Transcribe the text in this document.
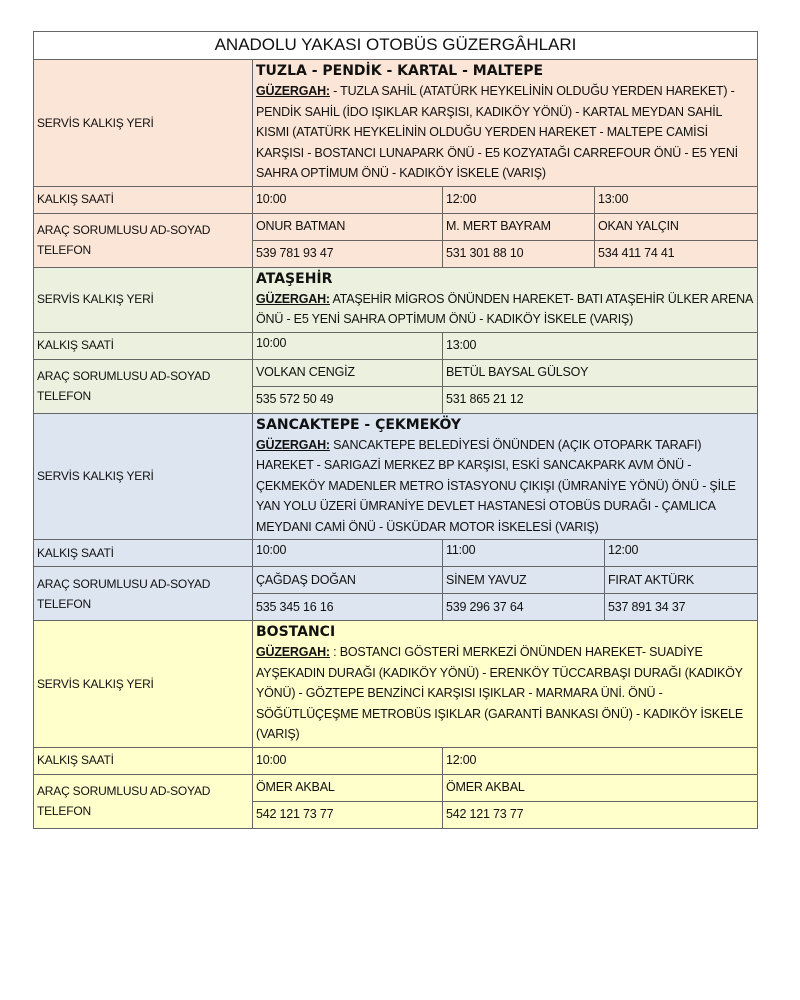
ANADOLU YAKASI OTOBÜS GÜZERGÂHLARI
SERVİS KALKIŞ YERİ	TUZLA - PENDİK - KARTAL - MALTEPE
GÜZERGAH: - TUZLA SAHİL (ATATÜRK HEYKELİNİN OLDUĞU YERDEN HAREKET) - PENDİK SAHİL (İDO IŞIKLAR KARŞISI, KADIKÖY YÖNÜ) - KARTAL MEYDAN SAHİL KISMI (ATATÜRK HEYKELİNİN OLDUĞU YERDEN HAREKET - MALTEPE CAMİSİ KARŞISI - BOSTANCI LUNAPARK ÖNÜ - E5 KOZYATAĞI CARREFOUR ÖNÜ - E5 YENİ SAHRA OPTİMUM ÖNÜ - KADIKÖY İSKELE (VARIŞ)		

KALKIŞ SAATİ	10:00	12:00	13:00

ARAÇ SORUMLUSU AD-SOYAD
TELEFON	ONUR BATMAN	M. MERT BAYRAM	OKAN YALÇIN
	539 781 93 47	531 301 88 10	534 411 74 41
SERVİS KALKIŞ YERİ	ATAŞEHİR
GÜZERGAH: ATAŞEHİR MİGROS ÖNÜNDEN HAREKET- BATI ATAŞEHİR ÜLKER ARENA ÖNÜ - E5 YENİ SAHRA OPTİMUM ÖNÜ - KADIKÖY İSKELE (VARIŞ)	

KALKIŞ SAATİ	10:00	13:00

ARAÇ SORUMLUSU AD-SOYAD
TELEFON	VOLKAN CENGİZ	BETÜL BAYSAL GÜLSOY
	535 572 50 49	531 865 21 12
SERVİS KALKIŞ YERİ	SANCAKTEPE - ÇEKMEKÖY
GÜZERGAH: SANCAKTEPE BELEDİYESİ ÖNÜNDEN (AÇIK OTOPARK TARAFI) HAREKET - SARIGAZİ MERKEZ BP KARŞISI, ESKİ SANCAKPARK AVM ÖNÜ - ÇEKMEKÖY MADENLER METRO İSTASYONU ÇIKIŞI (ÜMRANİYE YÖNÜ) ÖNÜ - ŞİLE YAN YOLU ÜZERİ ÜMRANİYE DEVLET HASTANESİ OTOBÜS DURAĞI - ÇAMLICA MEYDANI CAMİ ÖNÜ - ÜSKÜDAR MOTOR İSKELESİ (VARIŞ)		

KALKIŞ SAATİ	10:00	11:00	12:00

ARAÇ SORUMLUSU AD-SOYAD
TELEFON	ÇAĞDAŞ DOĞAN	SİNEM YAVUZ	FIRAT AKTÜRK
	535 345 16 16	539 296 37 64	537 891 34 37
SERVİS KALKIŞ YERİ	BOSTANCI
GÜZERGAH: : BOSTANCI GÖSTERİ MERKEZİ ÖNÜNDEN HAREKET- SUADİYE AYŞEKADIN DURAĞI (KADIKÖY YÖNÜ) - ERENKÖY TÜCCARBAŞI DURAĞI (KADIKÖY YÖNÜ) - GÖZTEPE BENZİNCİ KARŞISI IŞIKLAR - MARMARA ÜNİ. ÖNÜ - SÖĞÜTLÜÇEŞME METROBÜS IŞIKLAR (GARANTİ BANKASI ÖNÜ) - KADIKÖY İSKELE (VARIŞ)	

KALKIŞ SAATİ	10:00	12:00

ARAÇ SORUMLUSU AD-SOYAD
TELEFON	ÖMER AKBAL	ÖMER AKBAL
	542 121 73 77	542 121 73 77
